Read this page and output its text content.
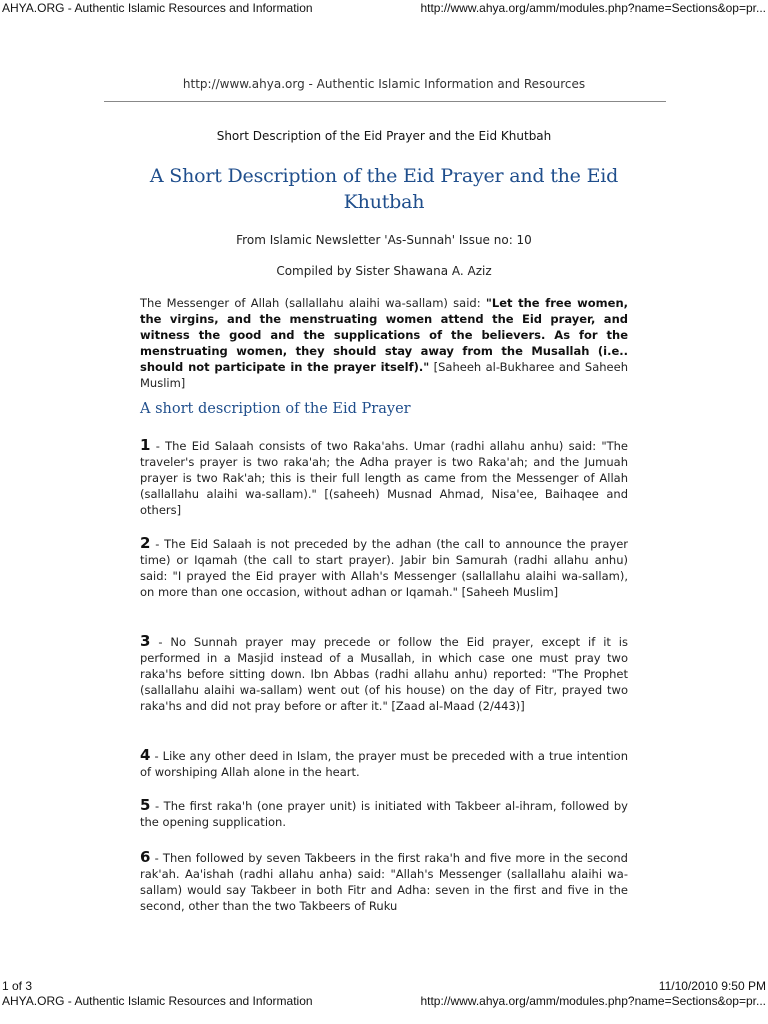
AHYA.ORG - Authentic Islamic Resources and Information	http://www.ahya.org/amm/modules.php?name=Sections&op=pr...
http://www.ahya.org - Authentic Islamic Information and Resources
Short Description of the Eid Prayer and the Eid Khutbah
A Short Description of the Eid Prayer and the Eid Khutbah
From Islamic Newsletter 'As-Sunnah' Issue no: 10
Compiled by Sister Shawana A. Aziz
The Messenger of Allah (sallallahu alaihi wa-sallam) said: "Let the free women, the virgins, and the menstruating women attend the Eid prayer, and witness the good and the supplications of the believers. As for the menstruating women, they should stay away from the Musallah (i.e.. should not participate in the prayer itself)." [Saheeh al-Bukharee and Saheeh Muslim]
A short description of the Eid Prayer
1 - The Eid Salaah consists of two Raka'ahs. Umar (radhi allahu anhu) said: "The traveler's prayer is two raka'ah; the Adha prayer is two Raka'ah; and the Jumuah prayer is two Rak'ah; this is their full length as came from the Messenger of Allah (sallallahu alaihi wa-sallam)." [(saheeh) Musnad Ahmad, Nisa'ee, Baihaqee and others]
2 - The Eid Salaah is not preceded by the adhan (the call to announce the prayer time) or Iqamah (the call to start prayer). Jabir bin Samurah (radhi allahu anhu) said: "I prayed the Eid prayer with Allah's Messenger (sallallahu alaihi wa-sallam), on more than one occasion, without adhan or Iqamah." [Saheeh Muslim]
3 - No Sunnah prayer may precede or follow the Eid prayer, except if it is performed in a Masjid instead of a Musallah, in which case one must pray two raka'hs before sitting down. Ibn Abbas (radhi allahu anhu) reported: "The Prophet (sallallahu alaihi wa-sallam) went out (of his house) on the day of Fitr, prayed two raka'hs and did not pray before or after it." [Zaad al-Maad (2/443)]
4 - Like any other deed in Islam, the prayer must be preceded with a true intention of worshiping Allah alone in the heart.
5 - The first raka'h (one prayer unit) is initiated with Takbeer al-ihram, followed by the opening supplication.
6 - Then followed by seven Takbeers in the first raka'h and five more in the second rak'ah. Aa'ishah (radhi allahu anha) said: "Allah's Messenger (sallallahu alaihi wa-sallam) would say Takbeer in both Fitr and Adha: seven in the first and five in the second, other than the two Takbeers of Ruku
1 of 3	11/10/2010 9:50 PM
AHYA.ORG - Authentic Islamic Resources and Information	http://www.ahya.org/amm/modules.php?name=Sections&op=pr...
